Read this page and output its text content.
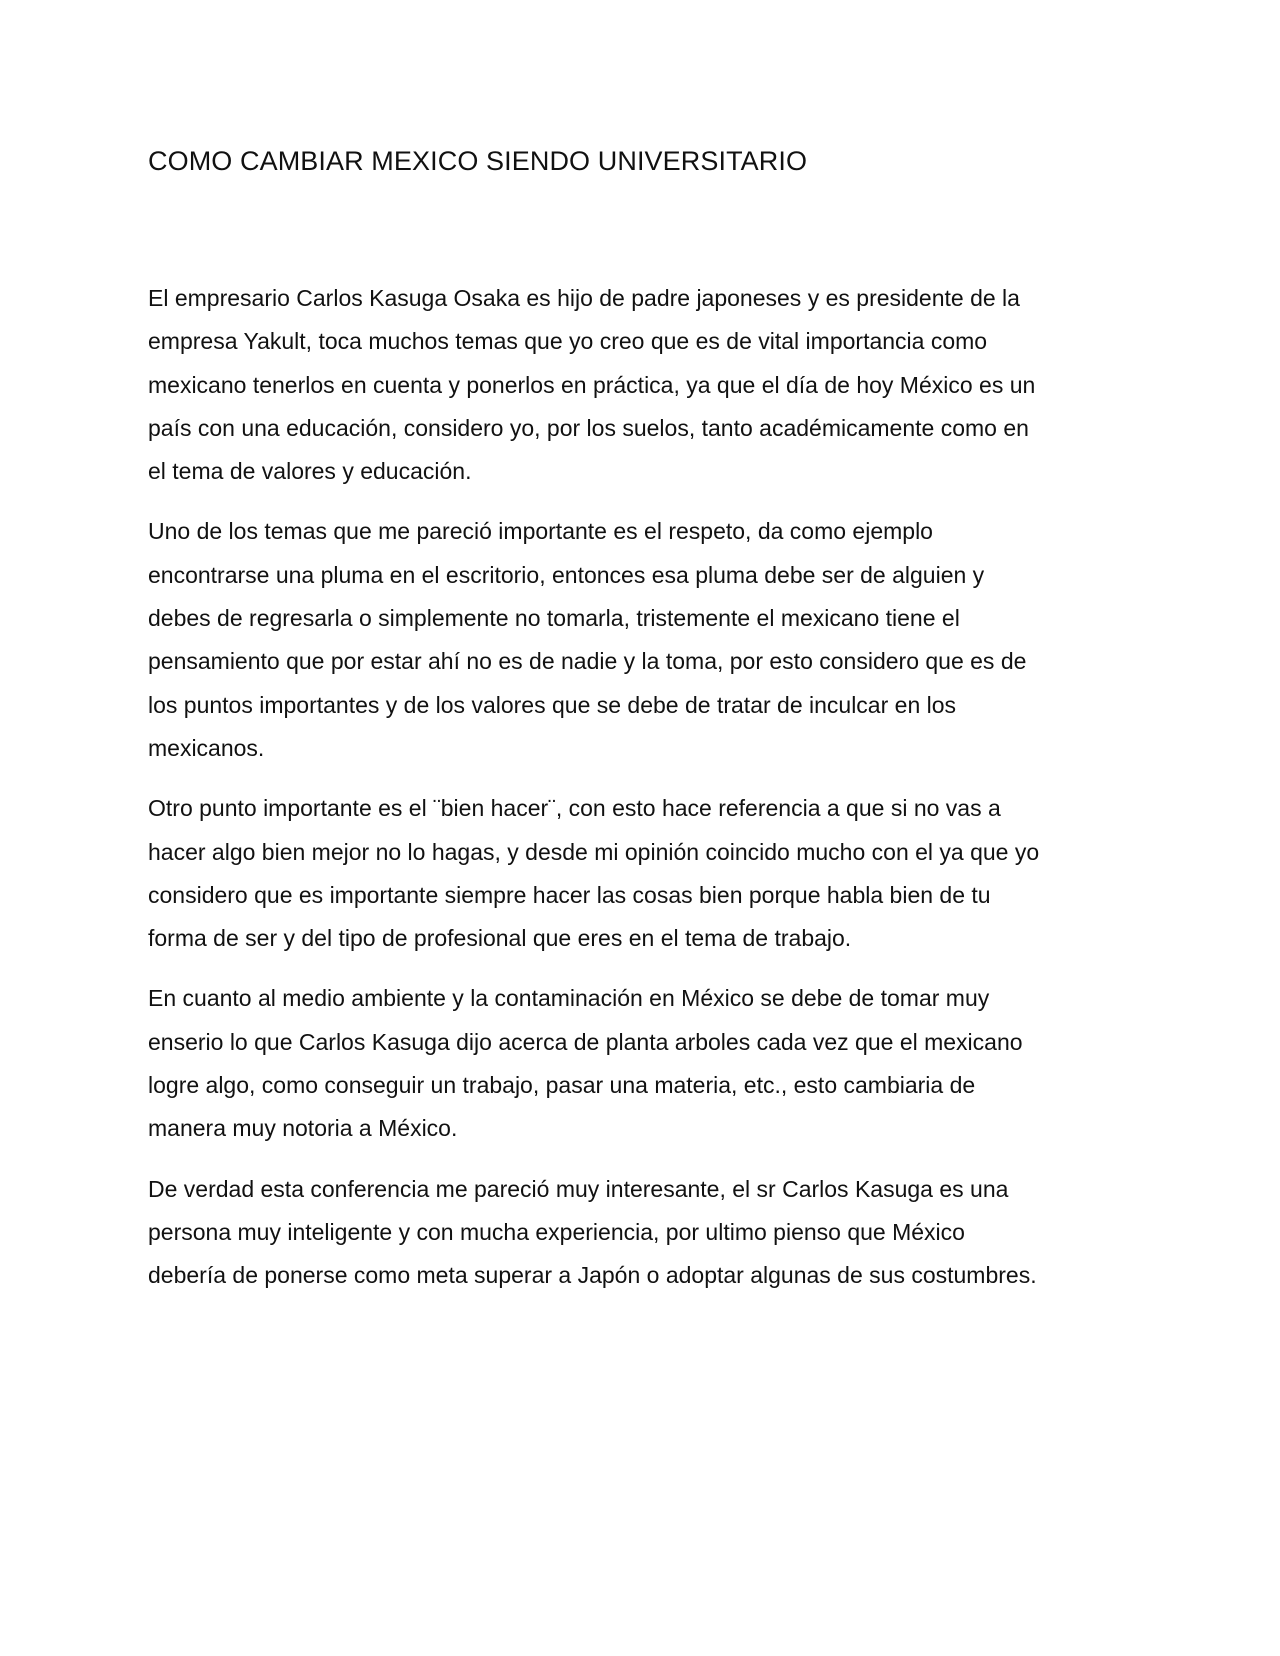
COMO CAMBIAR MEXICO SIENDO UNIVERSITARIO

El empresario Carlos Kasuga Osaka es hijo de padre japoneses y es presidente de la
empresa Yakult, toca muchos temas que yo creo que es de vital importancia como
mexicano tenerlos en cuenta y ponerlos en práctica, ya que el día de hoy México es un
país con una educación, considero yo, por los suelos, tanto académicamente como en
el tema de valores y educación.

Uno de los temas que me pareció importante es el respeto, da como ejemplo
encontrarse una pluma en el escritorio, entonces esa pluma debe ser de alguien y
debes de regresarla o simplemente no tomarla, tristemente el mexicano tiene el
pensamiento que por estar ahí no es de nadie y la toma, por esto considero que es de
los puntos importantes y de los valores que se debe de tratar de inculcar en los
mexicanos.

Otro punto importante es el ¨bien hacer¨, con esto hace referencia a que si no vas a
hacer algo bien mejor no lo hagas, y desde mi opinión coincido mucho con el ya que yo
considero que es importante siempre hacer las cosas bien porque habla bien de tu
forma de ser y del tipo de profesional que eres en el tema de trabajo.

En cuanto al medio ambiente y la contaminación en México se debe de tomar muy
enserio lo que Carlos Kasuga dijo acerca de planta arboles cada vez que el mexicano
logre algo, como conseguir un trabajo, pasar una materia, etc., esto cambiaria de
manera muy notoria a México.

De verdad esta conferencia me pareció muy interesante, el sr Carlos Kasuga es una
persona muy inteligente y con mucha experiencia, por ultimo pienso que México
debería de ponerse como meta superar a Japón o adoptar algunas de sus costumbres.
